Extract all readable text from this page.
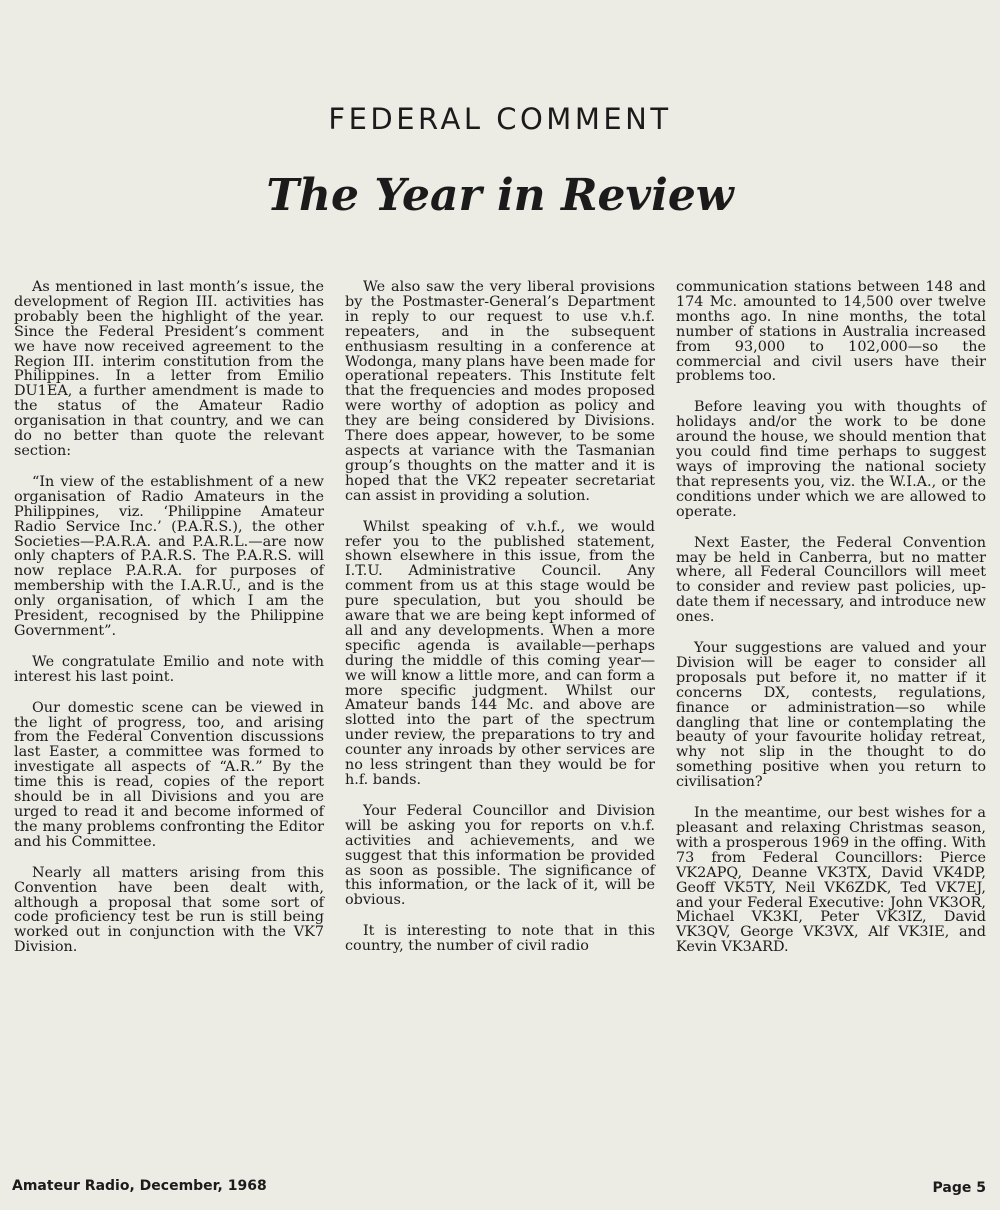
FEDERAL COMMENT
The Year in Review

As mentioned in last month’s issue, the development of Region III. activities has probably been the highlight of the year. Since the Federal President’s comment we have now received agreement to the Region III. interim constitution from the Philippines. In a letter from Emilio DU1EA, a further amendment is made to the status of the Amateur Radio organisation in that country, and we can do no better than quote the relevant section:

“In view of the establishment of a new organisation of Radio Amateurs in the Philippines, viz. ‘Philippine Amateur Radio Service Inc.’ (P.A.R.S.), the other Societies—P.A.R.A. and P.A.R.L.—are now only chapters of P.A.R.S. The P.A.R.S. will now replace P.A.R.A. for purposes of membership with the I.A.R.U., and is the only organisation, of which I am the President, recognised by the Philippine Government”.

We congratulate Emilio and note with interest his last point.

Our domestic scene can be viewed in the light of progress, too, and arising from the Federal Convention discussions last Easter, a committee was formed to investigate all aspects of “A.R.” By the time this is read, copies of the report should be in all Divisions and you are urged to read it and become informed of the many problems confronting the Editor and his Committee.

Nearly all matters arising from this Convention have been dealt with, although a proposal that some sort of code proficiency test be run is still being worked out in conjunction with the VK7 Division.

We also saw the very liberal provisions by the Postmaster-General’s Department in reply to our request to use v.h.f. repeaters, and in the subsequent enthusiasm resulting in a conference at Wodonga, many plans have been made for operational repeaters. This Institute felt that the frequencies and modes proposed were worthy of adoption as policy and they are being considered by Divisions. There does appear, however, to be some aspects at variance with the Tasmanian group’s thoughts on the matter and it is hoped that the VK2 repeater secretariat can assist in providing a solution.

Whilst speaking of v.h.f., we would refer you to the published statement, shown elsewhere in this issue, from the I.T.U. Administrative Council. Any comment from us at this stage would be pure speculation, but you should be aware that we are being kept informed of all and any developments. When a more specific agenda is available—perhaps during the middle of this coming year—we will know a little more, and can form a more specific judgment. Whilst our Amateur bands 144 Mc. and above are slotted into the part of the spectrum under review, the preparations to try and counter any inroads by other services are no less stringent than they would be for h.f. bands.

Your Federal Councillor and Division will be asking you for reports on v.h.f. activities and achievements, and we suggest that this information be provided as soon as possible. The significance of this information, or the lack of it, will be obvious.

It is interesting to note that in this country, the number of civil radio

communication stations between 148 and 174 Mc. amounted to 14,500 over twelve months ago. In nine months, the total number of stations in Australia increased from 93,000 to 102,000—so the commercial and civil users have their problems too.

Before leaving you with thoughts of holidays and/or the work to be done around the house, we should mention that you could find time perhaps to suggest ways of improving the national society that represents you, viz. the W.I.A., or the conditions under which we are allowed to operate.

Next Easter, the Federal Convention may be held in Canberra, but no matter where, all Federal Councillors will meet to consider and review past policies, up-date them if necessary, and introduce new ones.

Your suggestions are valued and your Division will be eager to consider all proposals put before it, no matter if it concerns DX, contests, regulations, finance or administration—so while dangling that line or contemplating the beauty of your favourite holiday retreat, why not slip in the thought to do something positive when you return to civilisation?

In the meantime, our best wishes for a pleasant and relaxing Christmas season, with a prosperous 1969 in the offing. With 73 from Federal Councillors: Pierce VK2APQ, Deanne VK3TX, David VK4DP, Geoff VK5TY, Neil VK6ZDK, Ted VK7EJ, and your Federal Executive: John VK3OR, Michael VK3KI, Peter VK3IZ, David VK3QV, George VK3VX, Alf VK3IE, and Kevin VK3ARD.

Amateur Radio, December, 1968	Page 5
